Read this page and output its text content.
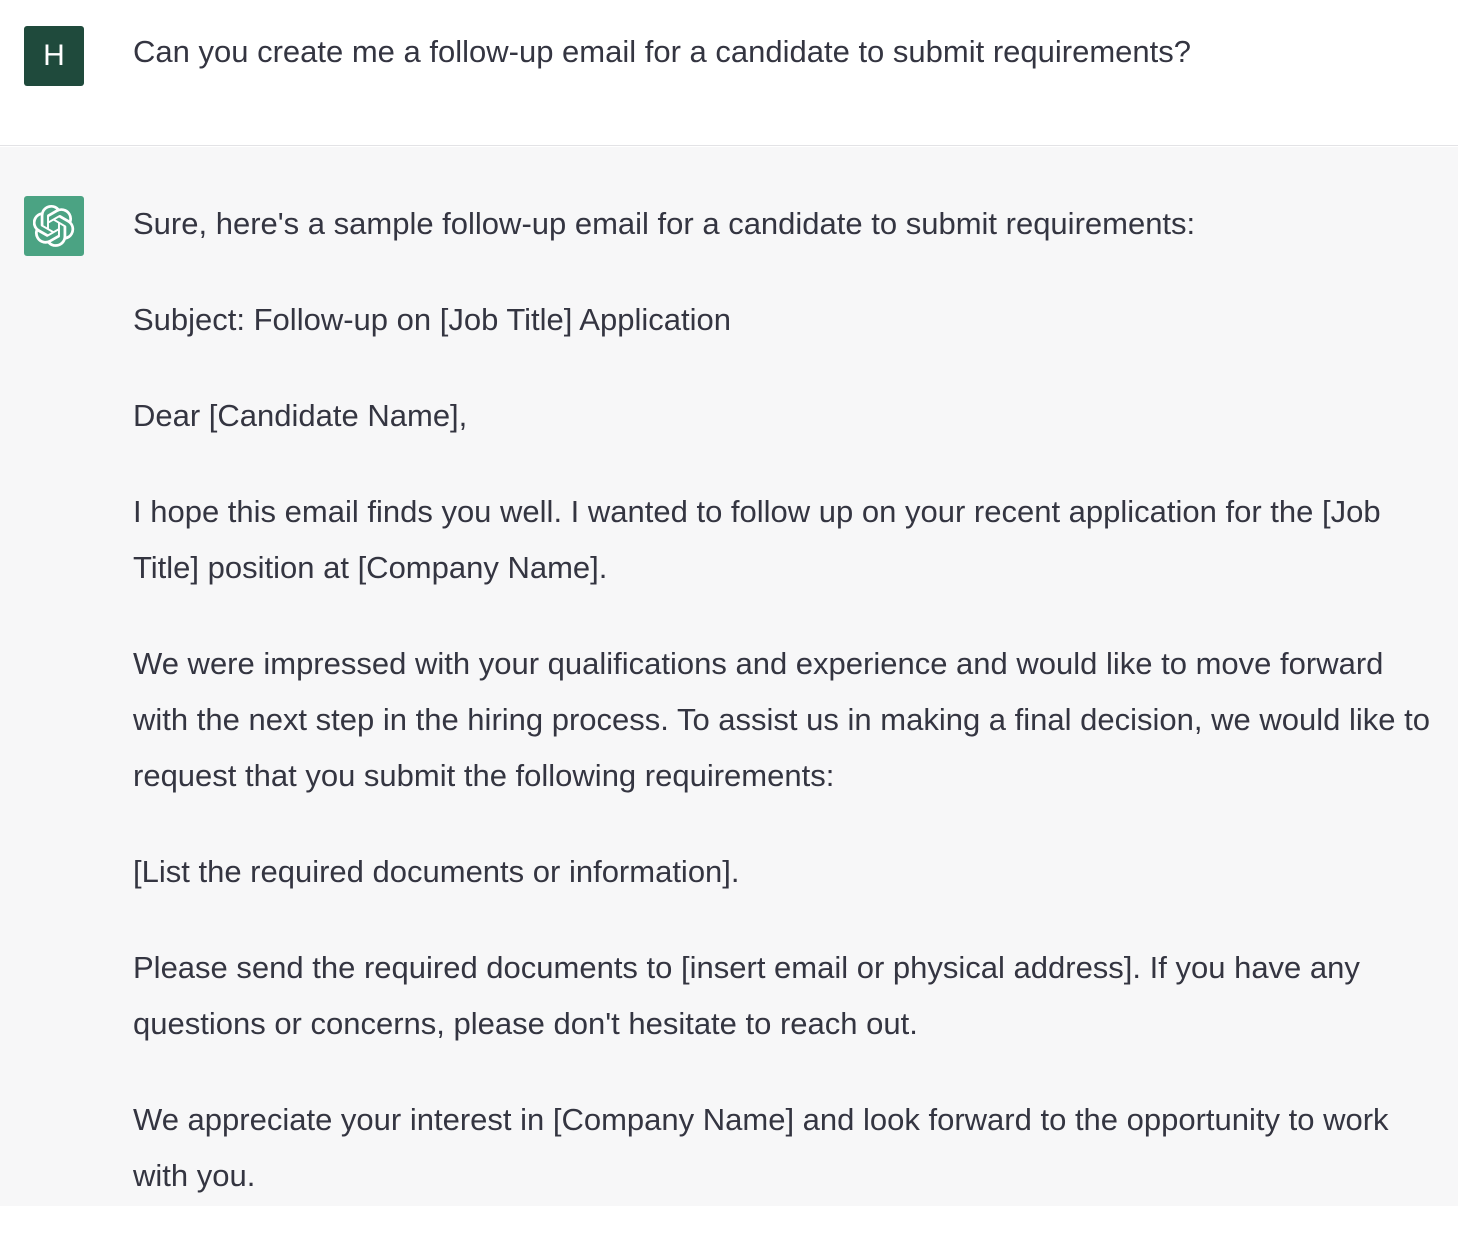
H	Can you create me a follow-up email for a candidate to submit requirements?

Sure, here's a sample follow-up email for a candidate to submit requirements:

Subject: Follow-up on [Job Title] Application

Dear [Candidate Name],

I hope this email finds you well. I wanted to follow up on your recent application for the [Job Title] position at [Company Name].

We were impressed with your qualifications and experience and would like to move forward with the next step in the hiring process. To assist us in making a final decision, we would like to request that you submit the following requirements:

[List the required documents or information].

Please send the required documents to [insert email or physical address]. If you have any questions or concerns, please don't hesitate to reach out.

We appreciate your interest in [Company Name] and look forward to the opportunity to work with you.
